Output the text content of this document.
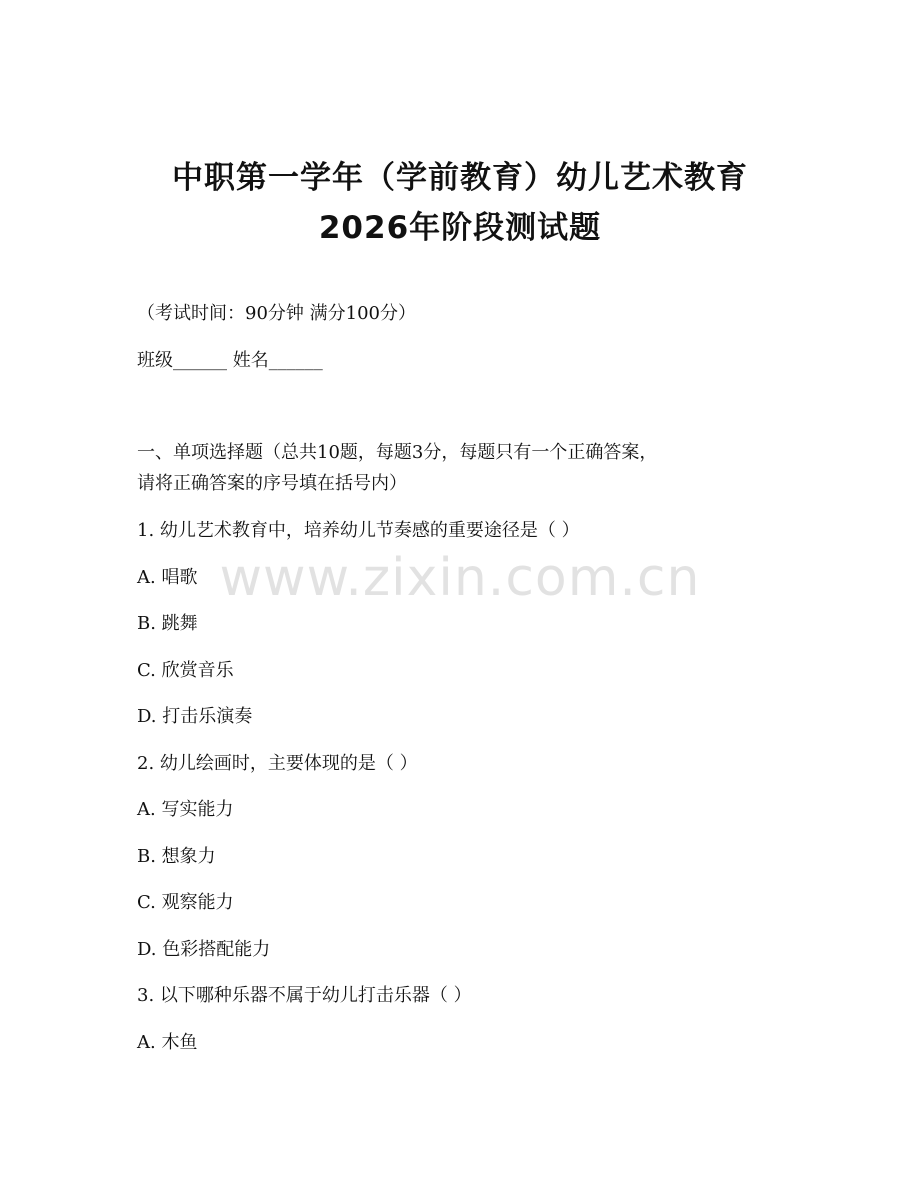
中职第一学年（学前教育）幼儿艺术教育
2026年阶段测试题
（考试时间：90分钟 满分100分）
班级______ 姓名______
一、单项选择题（总共10题，每题3分，每题只有一个正确答案，
请将正确答案的序号填在括号内）
1. 幼儿艺术教育中，培养幼儿节奏感的重要途径是（ ）
A. 唱歌
B. 跳舞
C. 欣赏音乐
D. 打击乐演奏
2. 幼儿绘画时，主要体现的是（ ）
A. 写实能力
B. 想象力
C. 观察能力
D. 色彩搭配能力
3. 以下哪种乐器不属于幼儿打击乐器（ ）
A. 木鱼
www.zixin.com.cn
